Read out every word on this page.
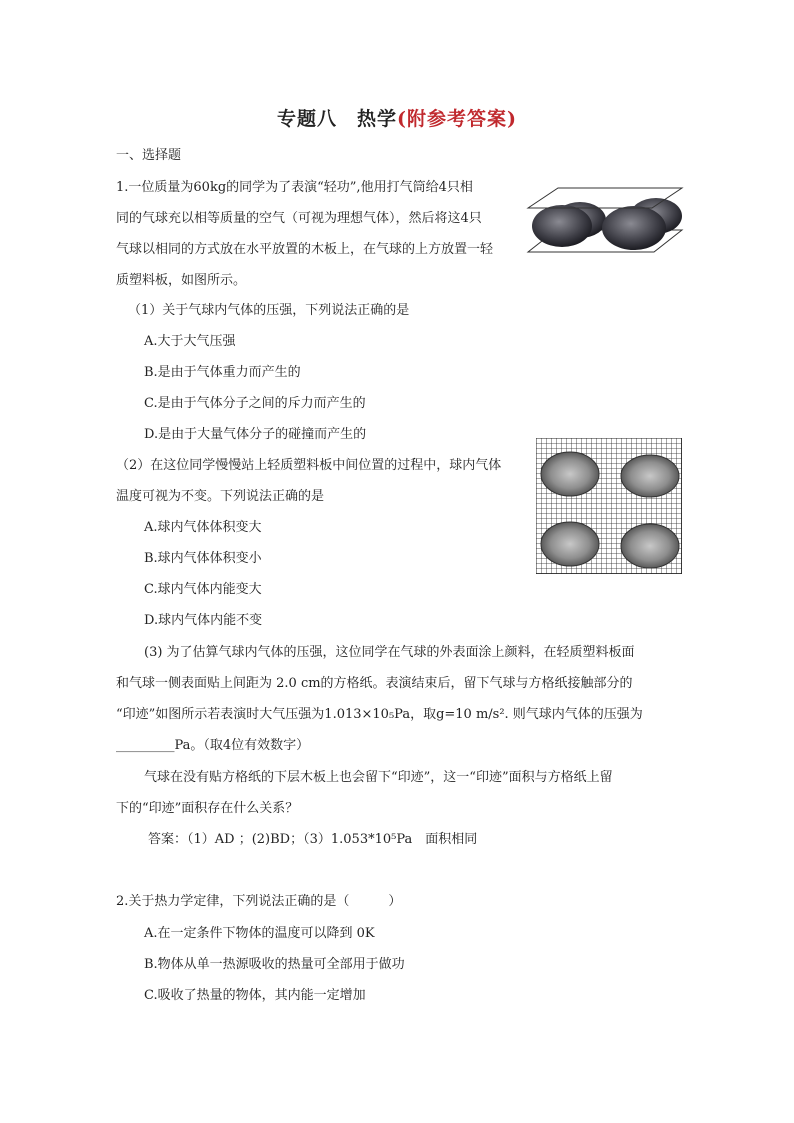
专题八　热学(附参考答案)
一、选择题
1.一位质量为60kg的同学为了表演“轻功”,他用打气筒给4只相
同的气球充以相等质量的空气（可视为理想气体），然后将这4只
气球以相同的方式放在水平放置的木板上，在气球的上方放置一轻
质塑料板，如图所示。
（1）关于气球内气体的压强，下列说法正确的是
A.大于大气压强
B.是由于气体重力而产生的
C.是由于气体分子之间的斥力而产生的
D.是由于大量气体分子的碰撞而产生的
（2）在这位同学慢慢站上轻质塑料板中间位置的过程中，球内气体
温度可视为不变。下列说法正确的是
A.球内气体体积变大
B.球内气体体积变小
C.球内气体内能变大
D.球内气体内能不变
(3) 为了估算气球内气体的压强，这位同学在气球的外表面涂上颜料，在轻质塑料板面
和气球一侧表面贴上间距为 2.0 cm的方格纸。表演结束后，留下气球与方格纸接触部分的
“印迹”如图所示若表演时大气压强为1.013×10₅Pa，取g=10 m/s². 则气球内气体的压强为
_________Pa。（取4位有效数字）
气球在没有贴方格纸的下层木板上也会留下“印迹”，这一“印迹”面积与方格纸上留
下的“印迹”面积存在什么关系？
答案：（1）AD ；(2)BD；（3）1.053*10⁵Pa　面积相同
2.关于热力学定律，下列说法正确的是（　　　）
A.在一定条件下物体的温度可以降到 0K
B.物体从单一热源吸收的热量可全部用于做功
C.吸收了热量的物体，其内能一定增加
